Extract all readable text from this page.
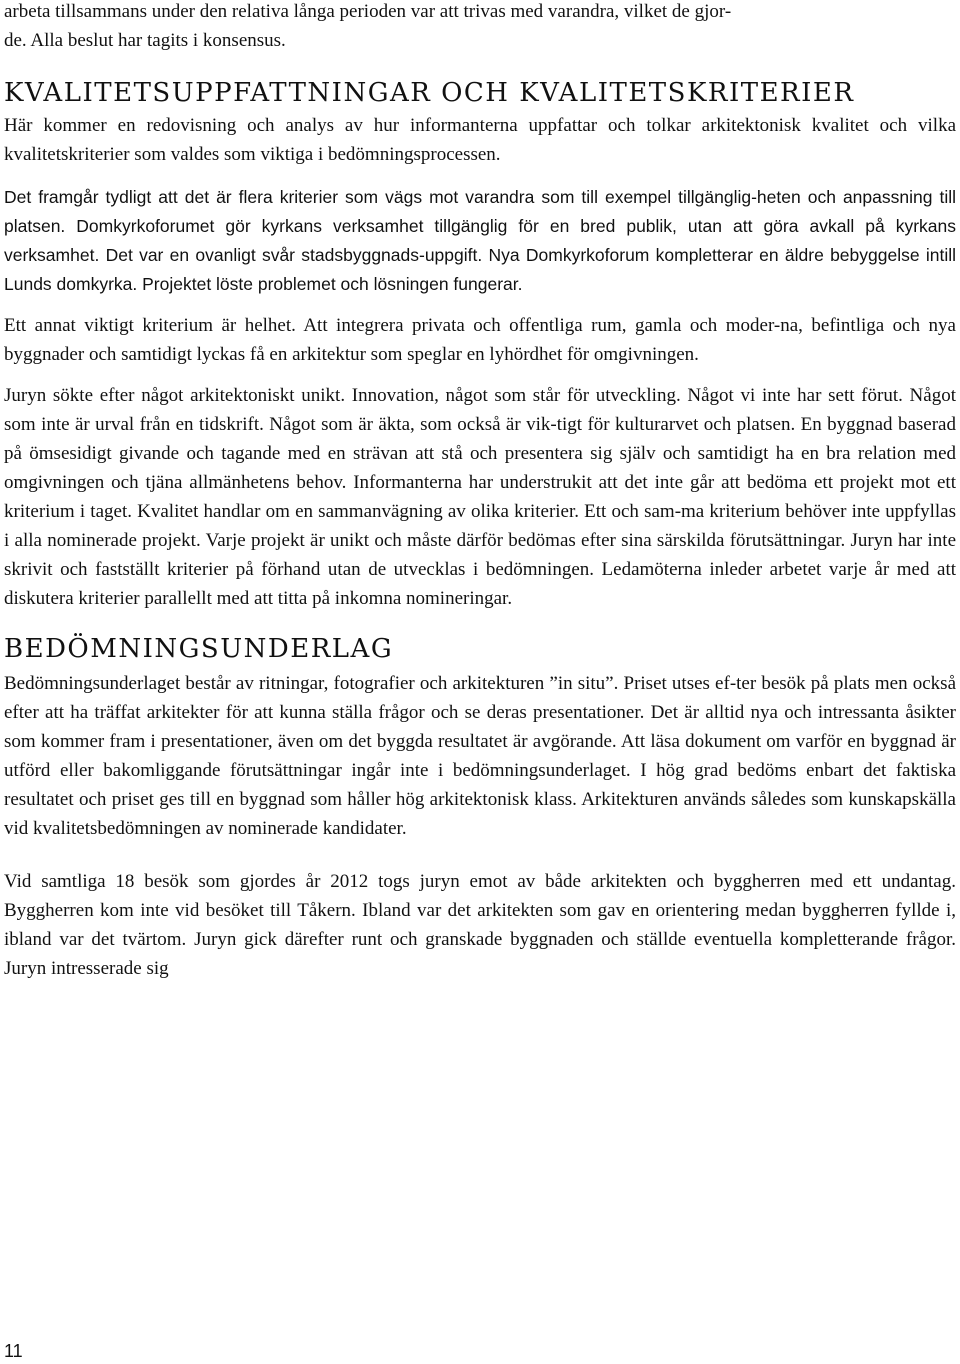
arbeta tillsammans under den relativa långa perioden var att trivas med varandra, vilket de gjor-

de. Alla beslut har tagits i konsensus.

KVALITETSUPPFATTNINGAR OCH KVALITETSKRITERIER

Här kommer en redovisning och analys av hur informanterna uppfattar och tolkar arkitektonisk kvalitet och vilka kvalitetskriterier som valdes som viktiga i bedömningsprocessen.

Det framgår tydligt att det är flera kriterier som vägs mot varandra som till exempel tillgänglig-heten och anpassning till platsen. Domkyrkoforumet gör kyrkans verksamhet tillgänglig för en bred publik, utan att göra avkall på kyrkans verksamhet. Det var en ovanligt svår stadsbyggnads-uppgift. Nya Domkyrkoforum kompletterar en äldre bebyggelse intill Lunds domkyrka. Projektet löste problemet och lösningen fungerar.

Ett annat viktigt kriterium är helhet. Att integrera privata och offentliga rum, gamla och moder-na, befintliga och nya byggnader och samtidigt lyckas få en arkitektur som speglar en lyhördhet för omgivningen.

Juryn sökte efter något arkitektoniskt unikt. Innovation, något som står för utveckling. Något vi inte har sett förut. Något som inte är urval från en tidskrift. Något som är äkta, som också är vik-tigt för kulturarvet och platsen. En byggnad baserad på ömsesidigt givande och tagande med en strävan att stå och presentera sig själv och samtidigt ha en bra relation med omgivningen och tjäna allmänhetens behov. Informanterna har understrukit att det inte går att bedöma ett projekt mot ett kriterium i taget. Kvalitet handlar om en sammanvägning av olika kriterier. Ett och sam-ma kriterium behöver inte uppfyllas i alla nominerade projekt. Varje projekt är unikt och måste därför bedömas efter sina särskilda förutsättningar. Juryn har inte skrivit och fastställt kriterier på förhand utan de utvecklas i bedömningen. Ledamöterna inleder arbetet varje år med att diskutera kriterier parallellt med att titta på inkomna nomineringar.

BEDÖMNINGSUNDERLAG

Bedömningsunderlaget består av ritningar, fotografier och arkitekturen ”in situ”. Priset utses ef-ter besök på plats men också efter att ha träffat arkitekter för att kunna ställa frågor och se deras presentationer. Det är alltid nya och intressanta åsikter som kommer fram i presentationer, även om det byggda resultatet är avgörande. Att läsa dokument om varför en byggnad är utförd eller bakomliggande förutsättningar ingår inte i bedömningsunderlaget. I hög grad bedöms enbart det faktiska resultatet och priset ges till en byggnad som håller hög arkitektonisk klass. Arkitekturen används således som kunskapskälla vid kvalitetsbedömningen av nominerade kandidater.

Vid samtliga 18 besök som gjordes år 2012 togs juryn emot av både arkitekten och byggherren med ett undantag. Byggherren kom inte vid besöket till Tåkern. Ibland var det arkitekten som gav en orientering medan byggherren fyllde i, ibland var det tvärtom. Juryn gick därefter runt och granskade byggnaden och ställde eventuella kompletterande frågor. Juryn intresserade sig

11
